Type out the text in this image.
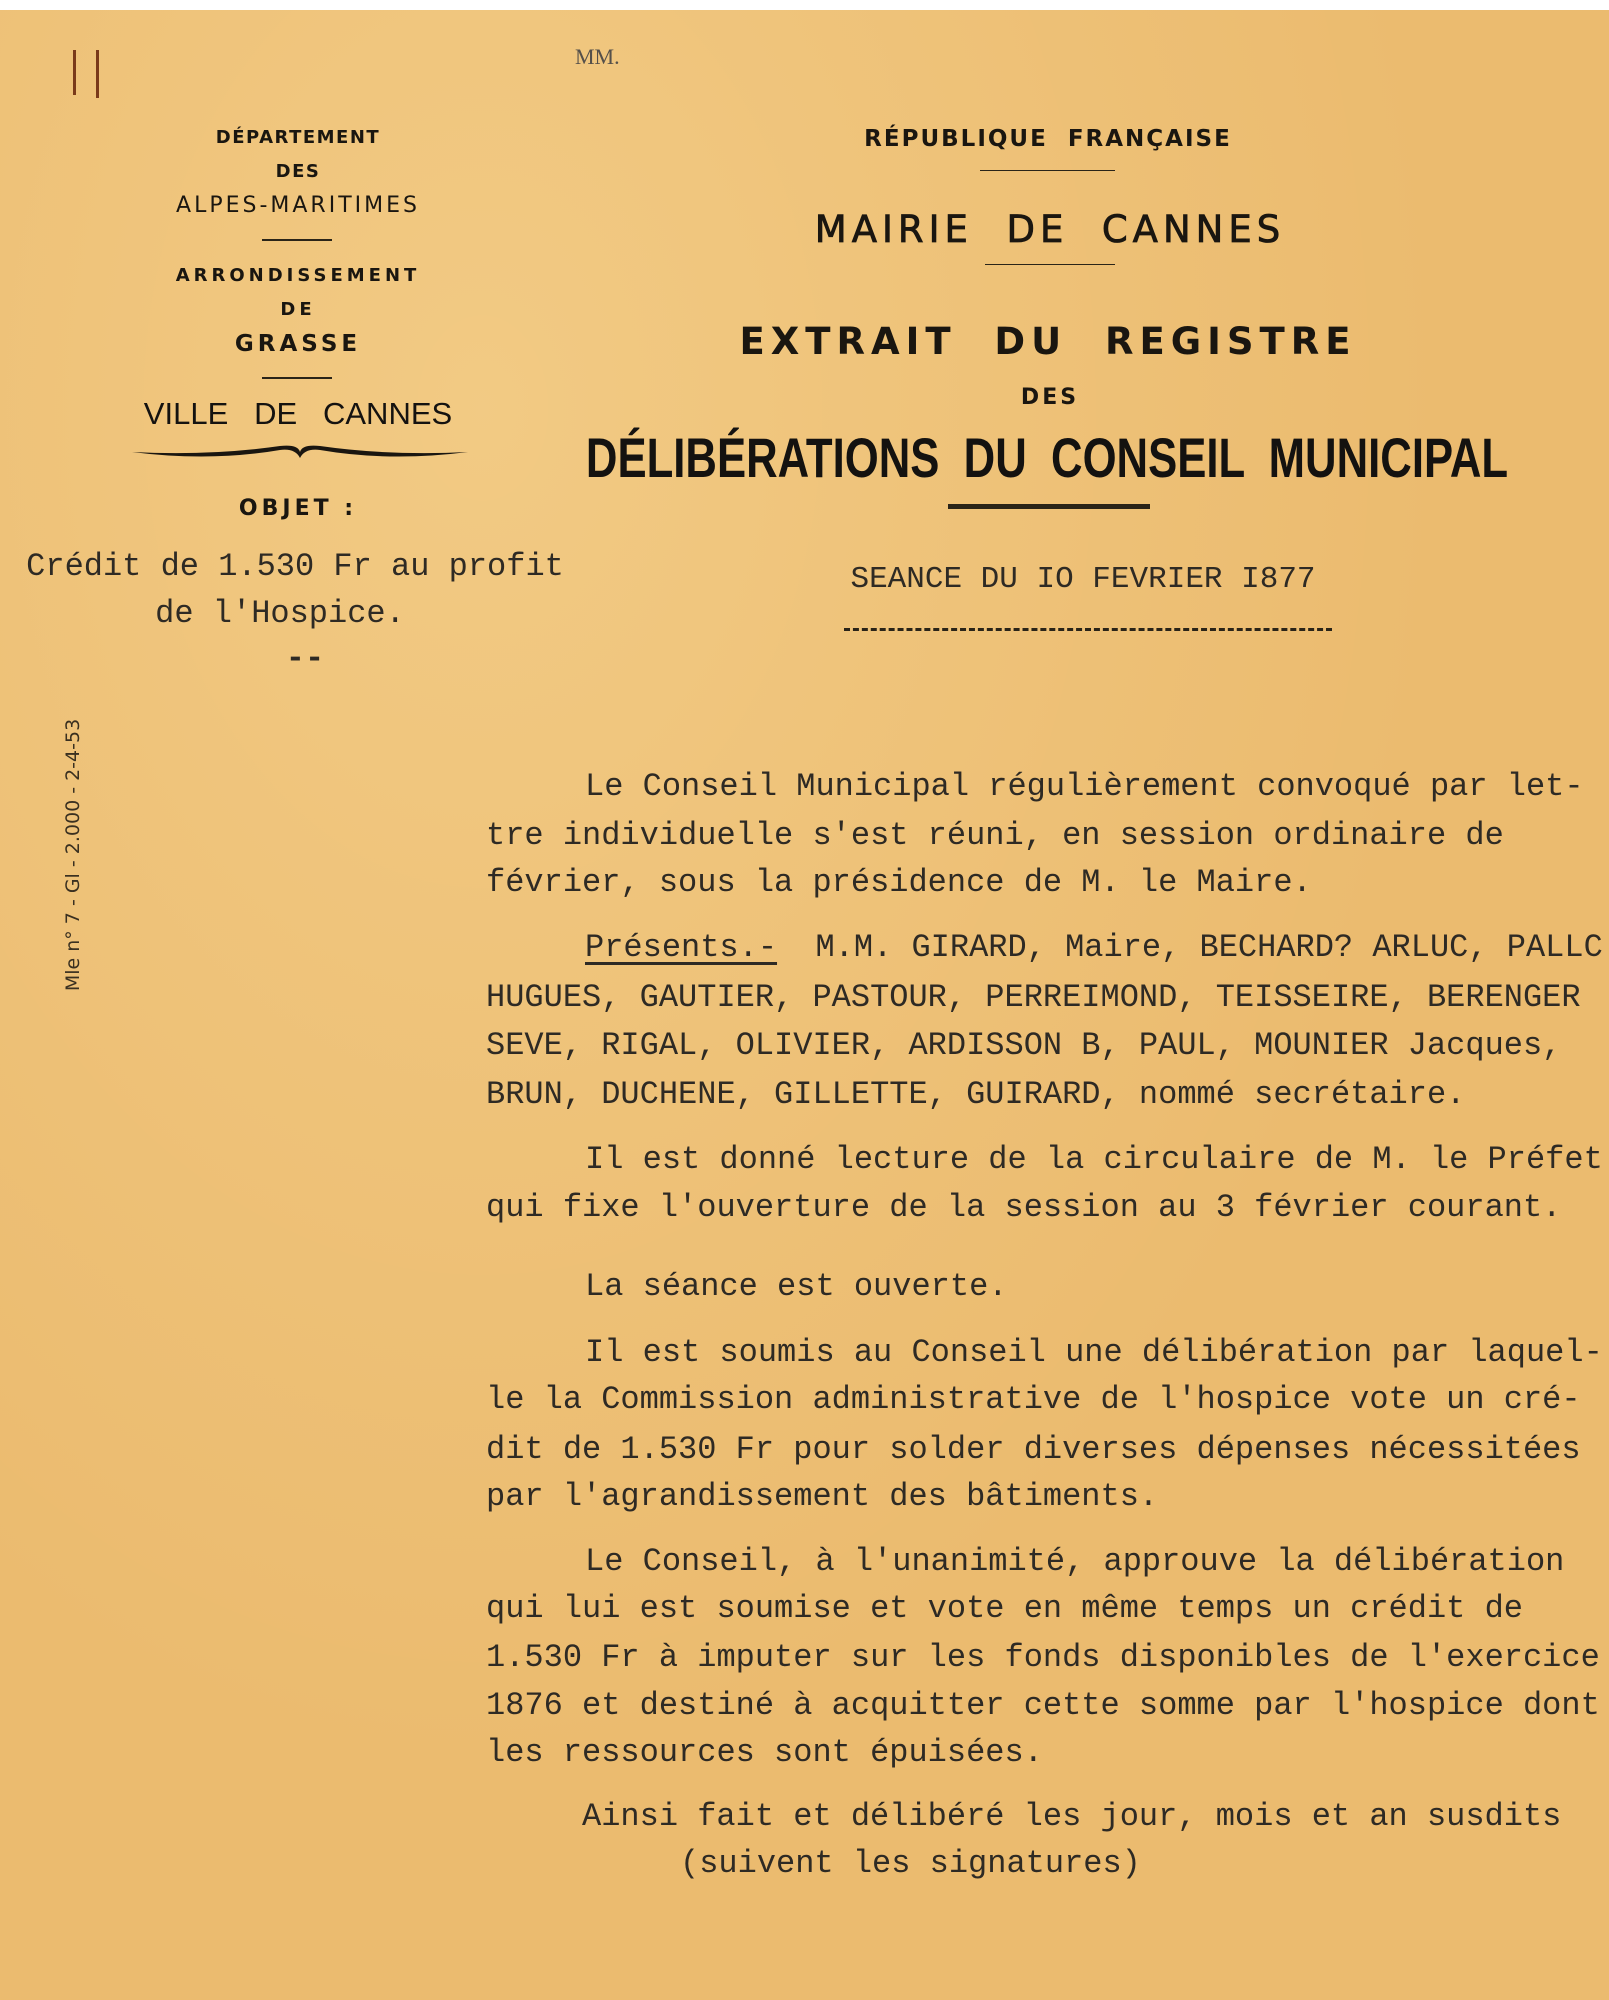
MM.
DÉPARTEMENT
DES
ALPES-MARITIMES
ARRONDISSEMENT
DE
GRASSE
VILLE   DE   CANNES
OBJET :
Crédit de 1.530 Fr au profit
de l'Hospice.
--
Mle n° 7 - Gl - 2.000 - 2-4-53
RÉPUBLIQUE  FRANÇAISE
MAIRIE  DE  CANNES
EXTRAIT  DU  REGISTRE
DES
DÉLIBÉRATIONS  DU  CONSEIL  MUNICIPAL
SEANCE DU IO FEVRIER I877
Le Conseil Municipal régulièrement convoqué par let-
tre individuelle s'est réuni, en session ordinaire de
février, sous la présidence de M. le Maire.
Présents.- M.M. GIRARD, Maire, BECHARD? ARLUC, PALLC
HUGUES, GAUTIER, PASTOUR, PERREIMOND, TEISSEIRE, BERENGER
SEVE, RIGAL, OLIVIER, ARDISSON B, PAUL, MOUNIER Jacques,
BRUN, DUCHENE, GILLETTE, GUIRARD, nommé secrétaire.
Il est donné lecture de la circulaire de M. le Préfet
qui fixe l'ouverture de la session au 3 février courant.
La séance est ouverte.
Il est soumis au Conseil une délibération par laquel-
le la Commission administrative de l'hospice vote un cré-
dit de 1.530 Fr pour solder diverses dépenses nécessitées
par l'agrandissement des bâtiments.
Le Conseil, à l'unanimité, approuve la délibération
qui lui est soumise et vote en même temps un crédit de
1.530 Fr à imputer sur les fonds disponibles de l'exercice
1876 et destiné à acquitter cette somme par l'hospice dont
les ressources sont épuisées.
Ainsi fait et délibéré les jour, mois et an susdits
(suivent les signatures)
